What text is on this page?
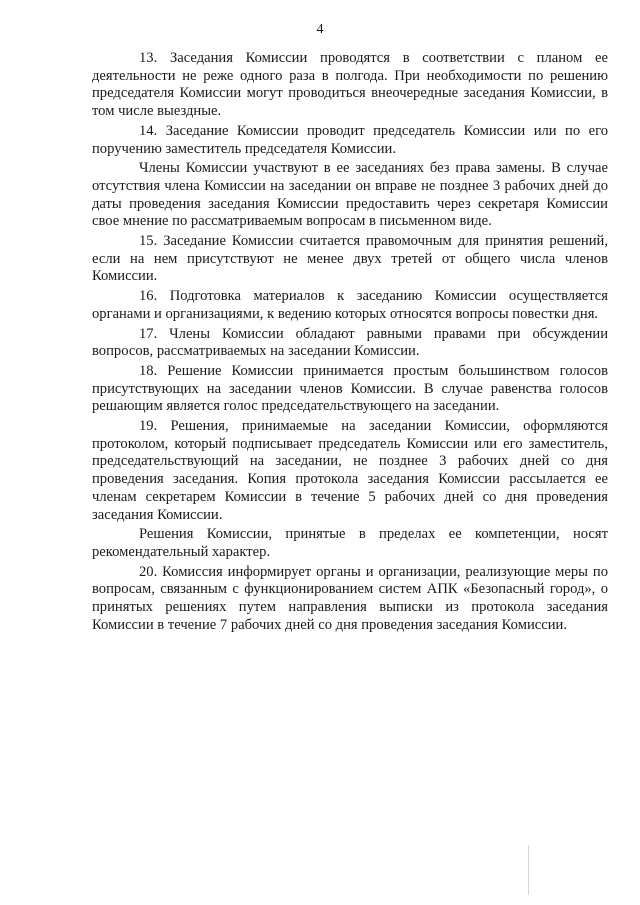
4

13. Заседания Комиссии проводятся в соответствии с планом ее деятельности не реже одного раза в полгода. При необходимости по решению председателя Комиссии могут проводиться внеочередные заседания Комиссии, в том числе выездные.

14. Заседание Комиссии проводит председатель Комиссии или по его поручению заместитель председателя Комиссии.

Члены Комиссии участвуют в ее заседаниях без права замены. В случае отсутствия члена Комиссии на заседании он вправе не позднее 3 рабочих дней до даты проведения заседания Комиссии предоставить через секретаря Комиссии свое мнение по рассматриваемым вопросам в письменном виде.

15. Заседание Комиссии считается правомочным для принятия решений, если на нем присутствуют не менее двух третей от общего числа членов Комиссии.

16. Подготовка материалов к заседанию Комиссии осуществляется органами и организациями, к ведению которых относятся вопросы повестки дня.

17. Члены Комиссии обладают равными правами при обсуждении вопросов, рассматриваемых на заседании Комиссии.

18. Решение Комиссии принимается простым большинством голосов присутствующих на заседании членов Комиссии. В случае равенства голосов решающим является голос председательствующего на заседании.

19. Решения, принимаемые на заседании Комиссии, оформляются протоколом, который подписывает председатель Комиссии или его заместитель, председательствующий на заседании, не позднее 3 рабочих дней со дня проведения заседания. Копия протокола заседания Комиссии рассылается ее членам секретарем Комиссии в течение 5 рабочих дней со дня проведения заседания Комиссии.

Решения Комиссии, принятые в пределах ее компетенции, носят рекомендательный характер.

20. Комиссия информирует органы и организации, реализующие меры по вопросам, связанным с функционированием систем АПК «Безопасный город», о принятых решениях путем направления выписки из протокола заседания Комиссии в течение 7 рабочих дней со дня проведения заседания Комиссии.
